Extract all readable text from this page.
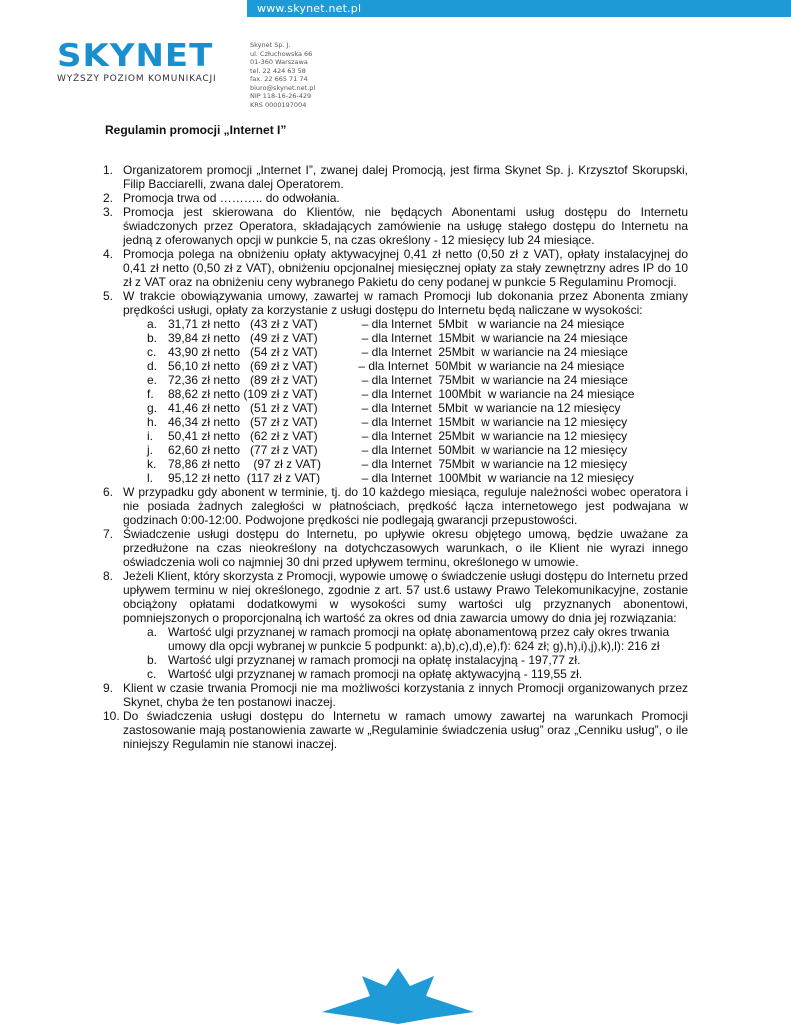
www.skynet.net.pl
SKYNET
WYŻSZY POZIOM KOMUNIKACJI
Skynet Sp. J.
ul. Człuchowska 66
01-360 Warszawa
tel. 22 424 63 58
fax. 22 665 71 74
biuro@skynet.net.pl
NIP 118-16-26-429
KRS 0000197004
Regulamin promocji „Internet I”
1. Organizatorem promocji „Internet I”, zwanej dalej Promocją, jest firma Skynet Sp. j. Krzysztof Skorupski, Filip Bacciarelli, zwana dalej Operatorem.
2. Promocja trwa od ……….. do odwołania.
3. Promocja jest skierowana do Klientów, nie będących Abonentami usług dostępu do Internetu świadczonych przez Operatora, składających zamówienie na usługę stałego dostępu do Internetu na jedną z oferowanych opcji w punkcie 5, na czas określony - 12 miesięcy lub 24 miesiące.
4. Promocja polega na obniżeniu opłaty aktywacyjnej 0,41 zł netto (0,50 zł z VAT), opłaty instalacyjnej do 0,41 zł netto (0,50 zł z VAT), obniżeniu opcjonalnej miesięcznej opłaty za stały zewnętrzny adres IP do 10 zł z VAT oraz na obniżeniu ceny wybranego Pakietu do ceny podanej w punkcie 5 Regulaminu Promocji.
5. W trakcie obowiązywania umowy, zawartej w ramach Promocji lub dokonania przez Abonenta zmiany prędkości usługi, opłaty za korzystanie z usługi dostępu do Internetu będą naliczane w wysokości:
a. 31,71 zł netto   (43 zł z VAT)     – dla Internet  5Mbit   w wariancie na 24 miesiące
b. 39,84 zł netto   (49 zł z VAT)     – dla Internet  15Mbit  w wariancie na 24 miesiące
c. 43,90 zł netto   (54 zł z VAT)     – dla Internet  25Mbit  w wariancie na 24 miesiące
d. 56,10 zł netto   (69 zł z VAT)    – dla Internet  50Mbit  w wariancie na 24 miesiące
e. 72,36 zł netto   (89 zł z VAT)     – dla Internet  75Mbit  w wariancie na 24 miesiące
f. 88,62 zł netto (109 zł z VAT)     – dla Internet  100Mbit  w wariancie na 24 miesiące
g. 41,46 zł netto   (51 zł z VAT)     – dla Internet  5Mbit  w wariancie na 12 miesięcy
h. 46,34 zł netto   (57 zł z VAT)     – dla Internet  15Mbit  w wariancie na 12 miesięcy
i. 50,41 zł netto   (62 zł z VAT)     – dla Internet  25Mbit  w wariancie na 12 miesięcy
j. 62,60 zł netto   (77 zł z VAT)     – dla Internet  50Mbit  w wariancie na 12 miesięcy
k. 78,86 zł netto    (97 zł z VAT)     – dla Internet  75Mbit  w wariancie na 12 miesięcy
l. 95,12 zł netto  (117 zł z VAT)     – dla Internet  100Mbit  w wariancie na 12 miesięcy
6. W przypadku gdy abonent w terminie, tj. do 10 każdego miesiąca, reguluje należności wobec operatora i nie posiada żadnych zaległości w płatnościach, prędkość łącza internetowego jest podwajana w godzinach 0:00-12:00. Podwojone prędkości nie podlegają gwarancji przepustowości.
7. Świadczenie usługi dostępu do Internetu, po upływie okresu objętego umową, będzie uważane za przedłużone na czas nieokreślony na dotychczasowych warunkach, o ile Klient nie wyrazi innego oświadczenia woli co najmniej 30 dni przed upływem terminu, określonego w umowie.
8. Jeżeli Klient, który skorzysta z Promocji, wypowie umowę o świadczenie usługi dostępu do Internetu przed upływem terminu w niej określonego, zgodnie z art. 57 ust.6 ustawy Prawo Telekomunikacyjne, zostanie obciążony opłatami dodatkowymi w wysokości sumy wartości ulg przyznanych abonentowi, pomniejszonych o proporcjonalną ich wartość za okres od dnia zawarcia umowy do dnia jej rozwiązania:
a. Wartość ulgi przyznanej w ramach promocji na opłatę abonamentową przez cały okres trwania umowy dla opcji wybranej w punkcie 5 podpunkt: a),b),c),d),e),f): 624 zł; g),h),i),j),k),l): 216 zł
b. Wartość ulgi przyznanej w ramach promocji na opłatę instalacyjną - 197,77 zł.
c. Wartość ulgi przyznanej w ramach promocji na opłatę aktywacyjną - 119,55 zł.
9. Klient w czasie trwania Promocji nie ma możliwości korzystania z innych Promocji organizowanych przez Skynet, chyba że ten postanowi inaczej.
10. Do świadczenia usługi dostępu do Internetu w ramach umowy zawartej na warunkach Promocji zastosowanie mają postanowienia zawarte w „Regulaminie świadczenia usług” oraz „Cenniku usług”, o ile niniejszy Regulamin nie stanowi inaczej.
